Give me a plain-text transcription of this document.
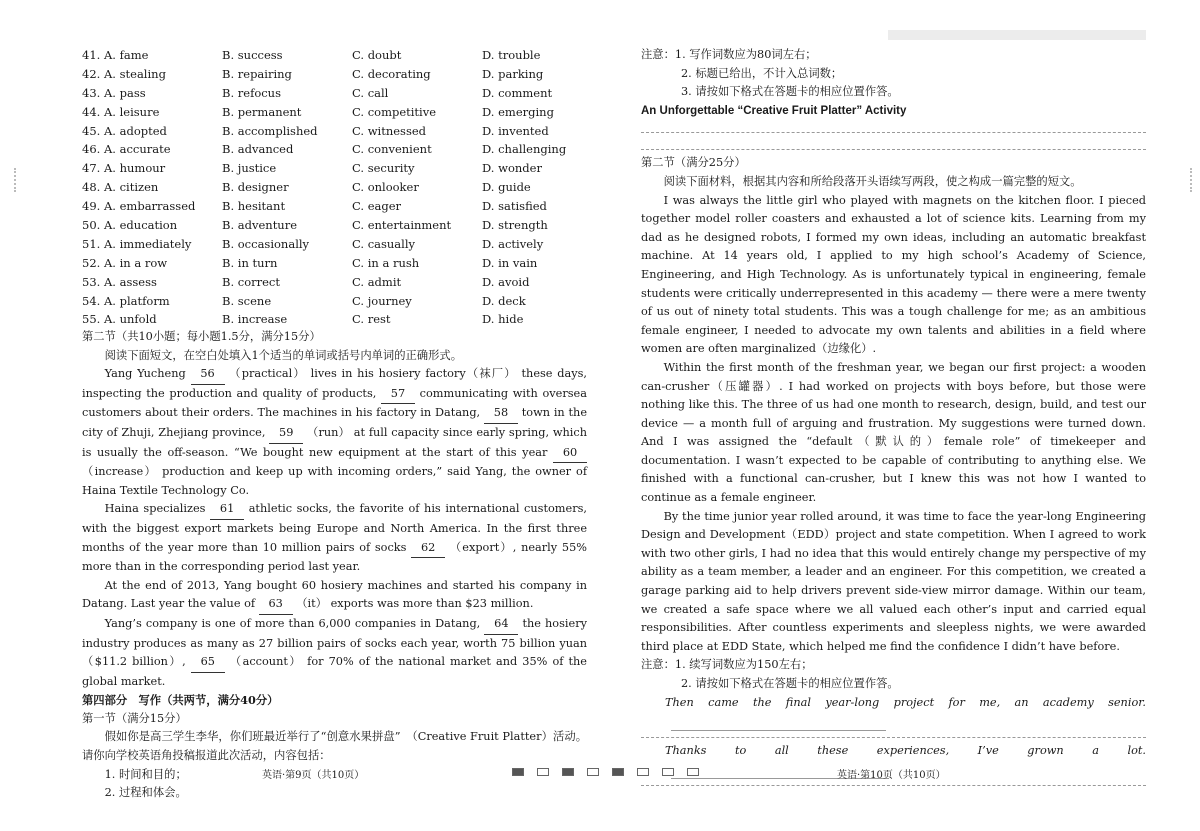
41. A. fame	B. success	C. doubt	D. trouble
42. A. stealing	B. repairing	C. decorating	D. parking
43. A. pass	B. refocus	C. call	D. comment
44. A. leisure	B. permanent	C. competitive	D. emerging
45. A. adopted	B. accomplished	C. witnessed	D. invented
46. A. accurate	B. advanced	C. convenient	D. challenging
47. A. humour	B. justice	C. security	D. wonder
48. A. citizen	B. designer	C. onlooker	D. guide
49. A. embarrassed B. hesitant	C. eager	D. satisfied
50. A. education	B. adventure	C. entertainment	D. strength
51. A. immediately	B. occasionally	C. casually	D. actively
52. A. in a row	B. in turn	C. in a rush	D. in vain
53. A. assess	B. correct	C. admit	D. avoid
54. A. platform	B. scene	C. journey	D. deck
55. A. unfold	B. increase	C. rest	D. hide

第二节（共10小题；每小题1.5分，满分15分）

阅读下面短文，在空白处填入1个适当的单词或括号内单词的正确形式。

Yang Yucheng 56 （practical） lives in his hosiery factory（袜厂） these days, inspecting the production and quality of products, 57 communicating with oversea customers about their orders. The machines in his factory in Datang, 58 town in the city of Zhuji, Zhejiang province, 59 （run） at full capacity since early spring, which is usually the off-season. “We bought new equipment at the start of this year 60 （increase） production and keep up with incoming orders,” said Yang, the owner of Haina Textile Technology Co.

Haina specializes 61 athletic socks, the favorite of his international customers, with the biggest export markets being Europe and North America. In the first three months of the year more than 10 million pairs of socks 62 （export）, nearly 55% more than in the corresponding period last year.

At the end of 2013, Yang bought 60 hosiery machines and started his company in Datang. Last year the value of 63 （it） exports was more than $23 million.

Yang’s company is one of more than 6,000 companies in Datang, 64 the hosiery industry produces as many as 27 billion pairs of socks each year, worth 75 billion yuan （$11.2 billion）, 65 （account） for 70% of the national market and 35% of the global market.

第四部分　写作（共两节，满分40分）

第一节（满分15分）

假如你是高三学生李华，你们班最近举行了“创意水果拼盘”　（Creative Fruit Platter）活动。请你向学校英语角投稿报道此次活动，内容包括：

1. 时间和目的；

2. 过程和体会。

英语·第9页（共10页）

注意：1. 写作词数应为80词左右；

2. 标题已给出，不计入总词数；

3. 请按如下格式在答题卡的相应位置作答。

An Unforgettable “Creative Fruit Platter” Activity

第二节（满分25分）

阅读下面材料，根据其内容和所给段落开头语续写两段，使之构成一篇完整的短文。

I was always the little girl who played with magnets on the kitchen floor. I pieced together model roller coasters and exhausted a lot of science kits. Learning from my dad as he designed robots, I formed my own ideas, including an automatic breakfast machine. At 14 years old, I applied to my high school’s Academy of Science, Engineering, and High Technology. As is unfortunately typical in engineering, female students were critically underrepresented in this academy — there were a mere twenty of us out of ninety total students. This was a tough challenge for me; as an ambitious female engineer, I needed to advocate my own talents and abilities in a field where women are often marginalized（边缘化）.

Within the first month of the freshman year, we began our first project: a wooden can-crusher（压罐器）. I had worked on projects with boys before, but those were nothing like this. The three of us had one month to research, design, build, and test our device — a month full of arguing and frustration. My suggestions were turned down. And I was assigned the “default（默认的）female role” of timekeeper and documentation. I wasn’t expected to be capable of contributing to anything else. We finished with a functional can-crusher, but I knew this was not how I wanted to continue as a female engineer.

By the time junior year rolled around, it was time to face the year-long Engineering Design and Development（EDD）project and state competition. When I agreed to work with two other girls, I had no idea that this would entirely change my perspective of my ability as a team member, a leader and an engineer. For this competition, we created a garage parking aid to help drivers prevent side-view mirror damage. Within our team, we created a safe space where we all valued each other’s input and carried equal responsibilities. After countless experiments and sleepless nights, we were awarded third place at EDD State, which helped me find the confidence I didn’t have before.

注意：1. 续写词数应为150左右；

2. 请按如下格式在答题卡的相应位置作答。

Then came the final year-long project for me, an academy senior.

Thanks to all these experiences, I’ve grown a lot.

英语·第10页（共10页）
